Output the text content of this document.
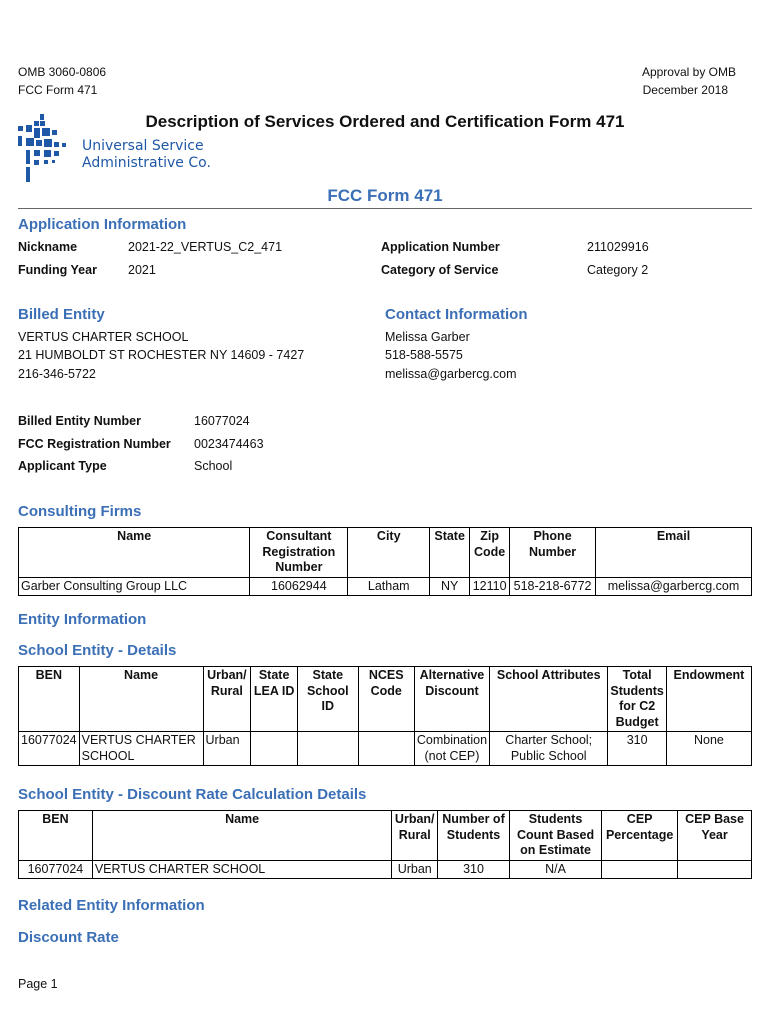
OMB 3060-0806
FCC Form 471
Approval by OMB
December 2018
Description of Services Ordered and Certification Form 471
Universal Service
Administrative Co.
FCC Form 471
Application Information
Nickname	2021-22_VERTUS_C2_471
Funding Year 2021
Application Number	211029916
Category of Service	Category 2
Billed Entity
VERTUS CHARTER SCHOOL
21 HUMBOLDT ST ROCHESTER NY 14609 - 7427
216-346-5722
Contact Information
Melissa Garber
518-588-5575
melissa@garbercg.com
Billed Entity Number	16077024
FCC Registration Number 0023474463
Applicant Type	School
Consulting Firms
Name	Consultant Registration Number	City	State	Zip Code	Phone Number	Email
Garber Consulting Group LLC	16062944	Latham	NY	12110	518-218-6772	melissa@garbercg.com
Entity Information
School Entity - Details
BEN	Name	Urban/ Rural	State LEA ID	State School ID	NCES Code	Alternative Discount	School Attributes	Total Students for C2 Budget	Endowment
16077024	VERTUS CHARTER SCHOOL	Urban				Combination (not CEP)	Charter School; Public School	310	None
School Entity - Discount Rate Calculation Details
BEN	Name	Urban/ Rural	Number of Students	Students Count Based on Estimate	CEP Percentage	CEP Base Year
16077024	VERTUS CHARTER SCHOOL	Urban	310	N/A		
Related Entity Information
Discount Rate
Page 1
